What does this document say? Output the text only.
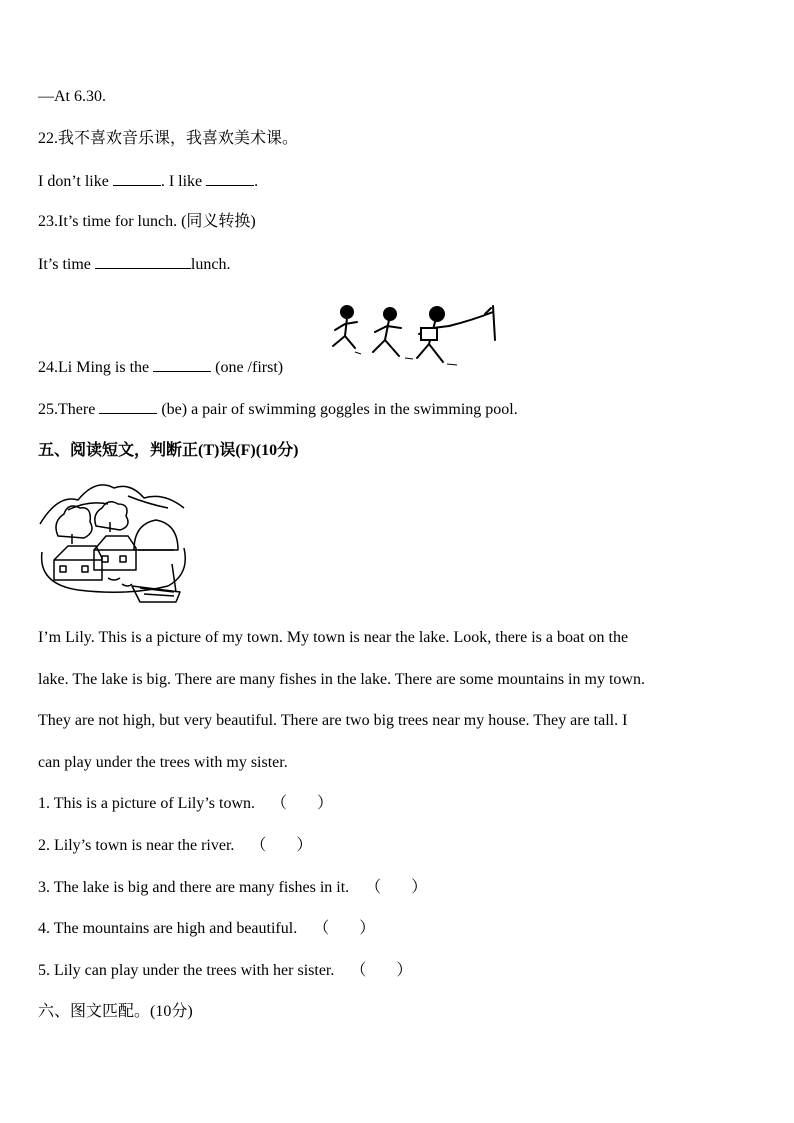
—At 6.30.
22.我不喜欢音乐课，我喜欢美术课。
I don’t like	. I like	.
23.It’s time for lunch. (同义转换)
It’s time	lunch.
24.Li Ming is the	(one /first)
25.There	(be) a pair of swimming goggles in the swimming pool.
五、阅读短文，判断正(T)误(F)(10分)
I’m Lily. This is a picture of my town. My town is near the lake. Look, there is a boat on the
lake. The lake is big. There are many fishes in the lake. There are some mountains in my town.
They are not high, but very beautiful. There are two big trees near my house. They are tall. I
can play under the trees with my sister.
1. This is a picture of Lily’s town. （ ）
2. Lily’s town is near the river. （ ）
3. The lake is big and there are many fishes in it. （ ）
4. The mountains are high and beautiful. （ ）
5. Lily can play under the trees with her sister. （ ）
六、图文匹配。(10分)
